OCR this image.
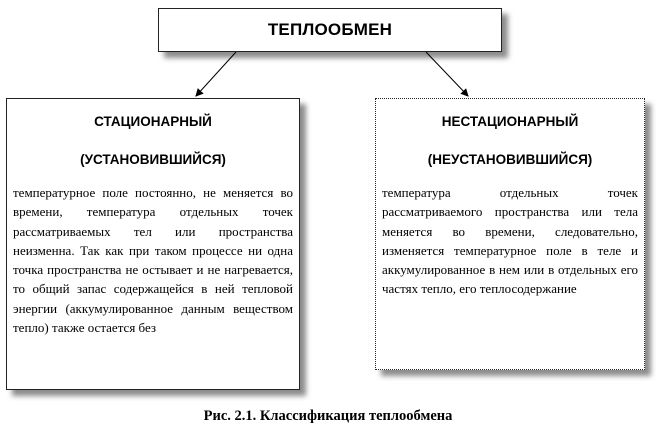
ТЕПЛООБМЕН
СТАЦИОНАРНЫЙ
(УСТАНОВИВШИЙСЯ)

температурное поле постоянно, не меняется во времени, температура отдельных точек рассматриваемых тел или пространства неизменна. Так как при таком процессе ни одна точка пространства не остывает и не нагревается, то общий запас содержащейся в ней тепловой энергии (аккумулированное данным веществом тепло) также остается без

НЕСТАЦИОНАРНЫЙ
(НЕУСТАНОВИВШИЙСЯ)

температура отдельных точек рассматриваемого пространства или тела меняется во времени, следовательно, изменяется температурное поле в теле и аккумулированное в нем или в отдельных его частях тепло, его теплосодержание

Рис. 2.1. Классификация теплообмена
